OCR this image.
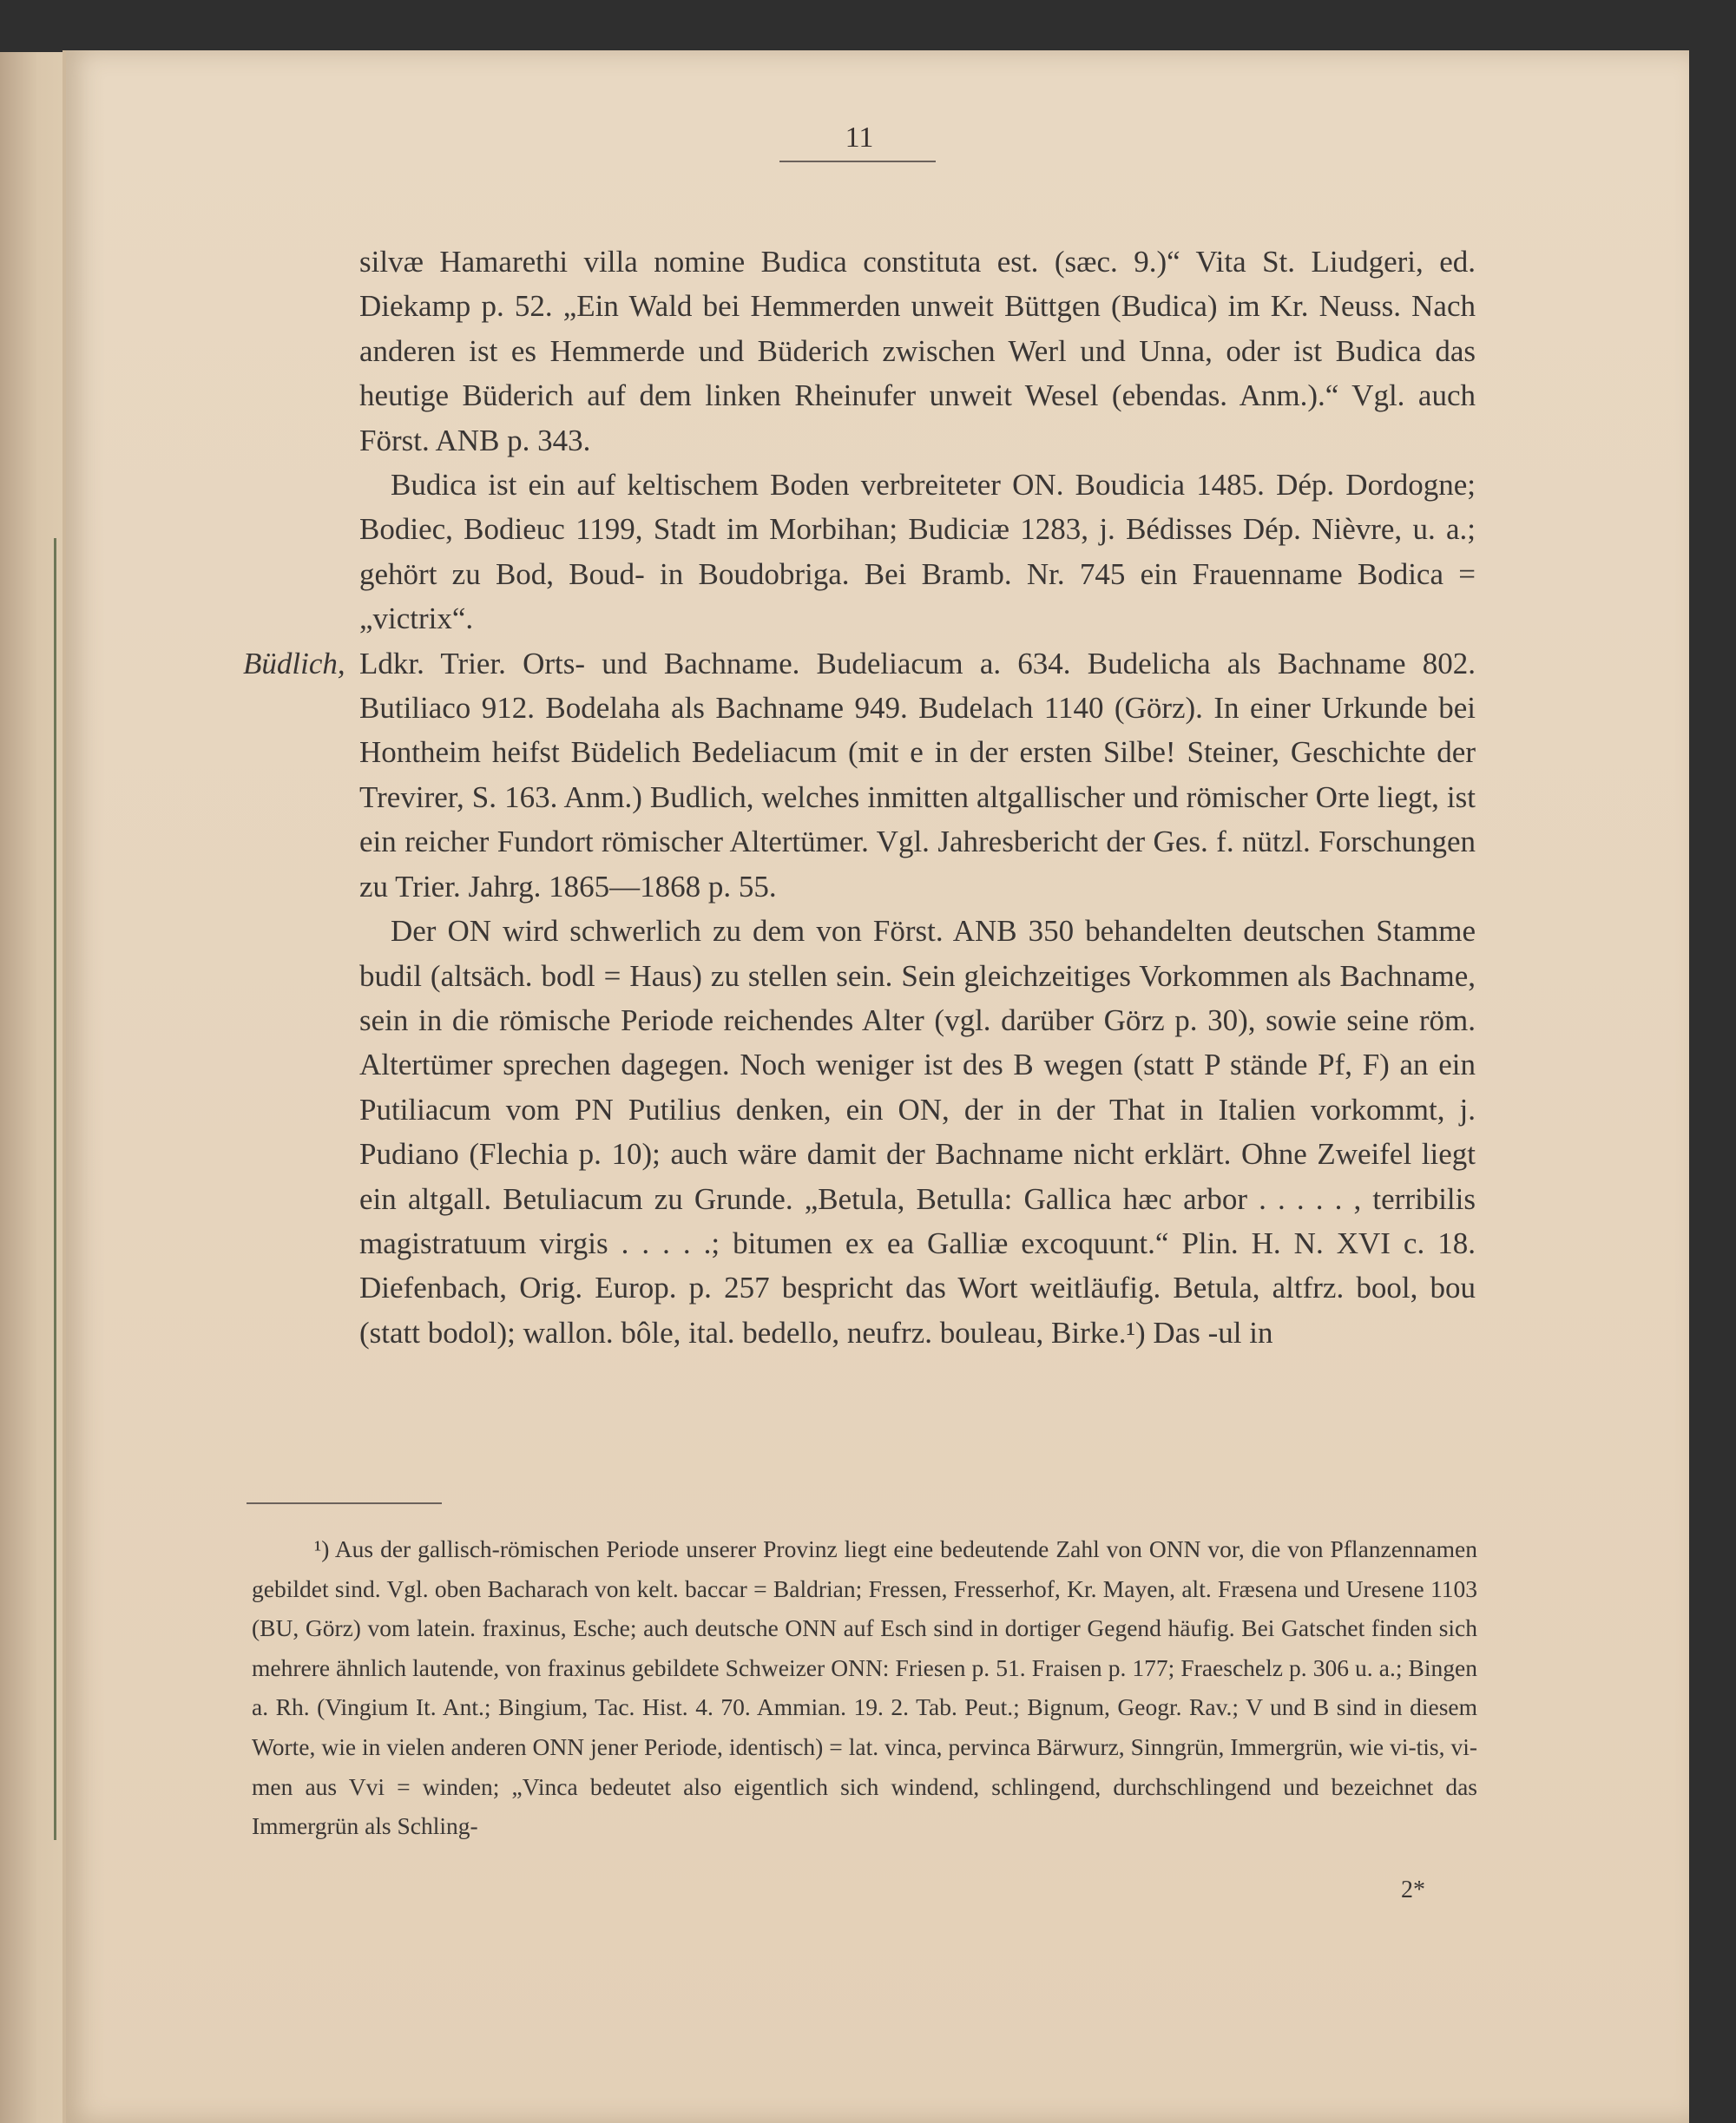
11

silvæ Hamarethi villa nomine Budica constituta est. (sæc. 9.)“ Vita St. Liudgeri, ed. Diekamp p. 52. „Ein Wald bei Hemmerden unweit Büttgen (Budica) im Kr. Neuss. Nach anderen ist es Hemmerde und Büderich zwischen Werl und Unna, oder ist Budica das heutige Büderich auf dem linken Rheinufer unweit Wesel (ebendas. Anm.).“ Vgl. auch Först. ANB p. 343.

Budica ist ein auf keltischem Boden verbreiteter ON. Boudicia 1485. Dép. Dordogne; Bodiec, Bodieuc 1199, Stadt im Morbihan; Budiciæ 1283, j. Bédisses Dép. Nièvre, u. a.; gehört zu Bod, Boud- in Boudobriga. Bei Bramb. Nr. 745 ein Frauenname Bodica = „victrix“.

Büdlich, Ldkr. Trier. Orts- und Bachname. Budeliacum a. 634. Budelicha als Bachname 802. Butiliaco 912. Bodelaha als Bachname 949. Budelach 1140 (Görz). In einer Urkunde bei Hontheim heifst Büdelich Bedeliacum (mit e in der ersten Silbe! Steiner, Geschichte der Trevirer, S. 163. Anm.) Budlich, welches inmitten altgallischer und römischer Orte liegt, ist ein reicher Fundort römischer Altertümer. Vgl. Jahresbericht der Ges. f. nützl. Forschungen zu Trier. Jahrg. 1865—1868 p. 55.

Der ON wird schwerlich zu dem von Först. ANB 350 behandelten deutschen Stamme budil (altsäch. bodl = Haus) zu stellen sein. Sein gleichzeitiges Vorkommen als Bachname, sein in die römische Periode reichendes Alter (vgl. darüber Görz p. 30), sowie seine röm. Altertümer sprechen dagegen. Noch weniger ist des B wegen (statt P stände Pf, F) an ein Putiliacum vom PN Putilius denken, ein ON, der in der That in Italien vorkommt, j. Pudiano (Flechia p. 10); auch wäre damit der Bachname nicht erklärt. Ohne Zweifel liegt ein altgall. Betuliacum zu Grunde. „Betula, Betulla: Gallica hæc arbor . . . . . , terribilis magistratuum virgis . . . . .; bitumen ex ea Galliæ excoquunt.“ Plin. H. N. XVI c. 18. Diefenbach, Orig. Europ. p. 257 bespricht das Wort weitläufig. Betula, altfrz. bool, bou (statt bodol); wallon. bôle, ital. bedello, neufrz. bouleau, Birke.¹) Das -ul in

¹) Aus der gallisch-römischen Periode unserer Provinz liegt eine bedeutende Zahl von ONN vor, die von Pflanzennamen gebildet sind. Vgl. oben Bacharach von kelt. baccar = Baldrian; Fressen, Fresserhof, Kr. Mayen, alt. Fræsena und Uresene 1103 (BU, Görz) vom latein. fraxinus, Esche; auch deutsche ONN auf Esch sind in dortiger Gegend häufig. Bei Gatschet finden sich mehrere ähnlich lautende, von fraxinus gebildete Schweizer ONN: Friesen p. 51. Fraisen p. 177; Fraeschelz p. 306 u. a.; Bingen a. Rh. (Vingium It. Ant.; Bingium, Tac. Hist. 4. 70. Ammian. 19. 2. Tab. Peut.; Bignum, Geogr. Rav.; V und B sind in diesem Worte, wie in vielen anderen ONN jener Periode, identisch) = lat. vinca, pervinca Bärwurz, Sinngrün, Immergrün, wie vi-tis, vi-men aus Vvi = winden; „Vinca bedeutet also eigentlich sich windend, schlingend, durchschlingend und bezeichnet das Immergrün als Schling-

2*
